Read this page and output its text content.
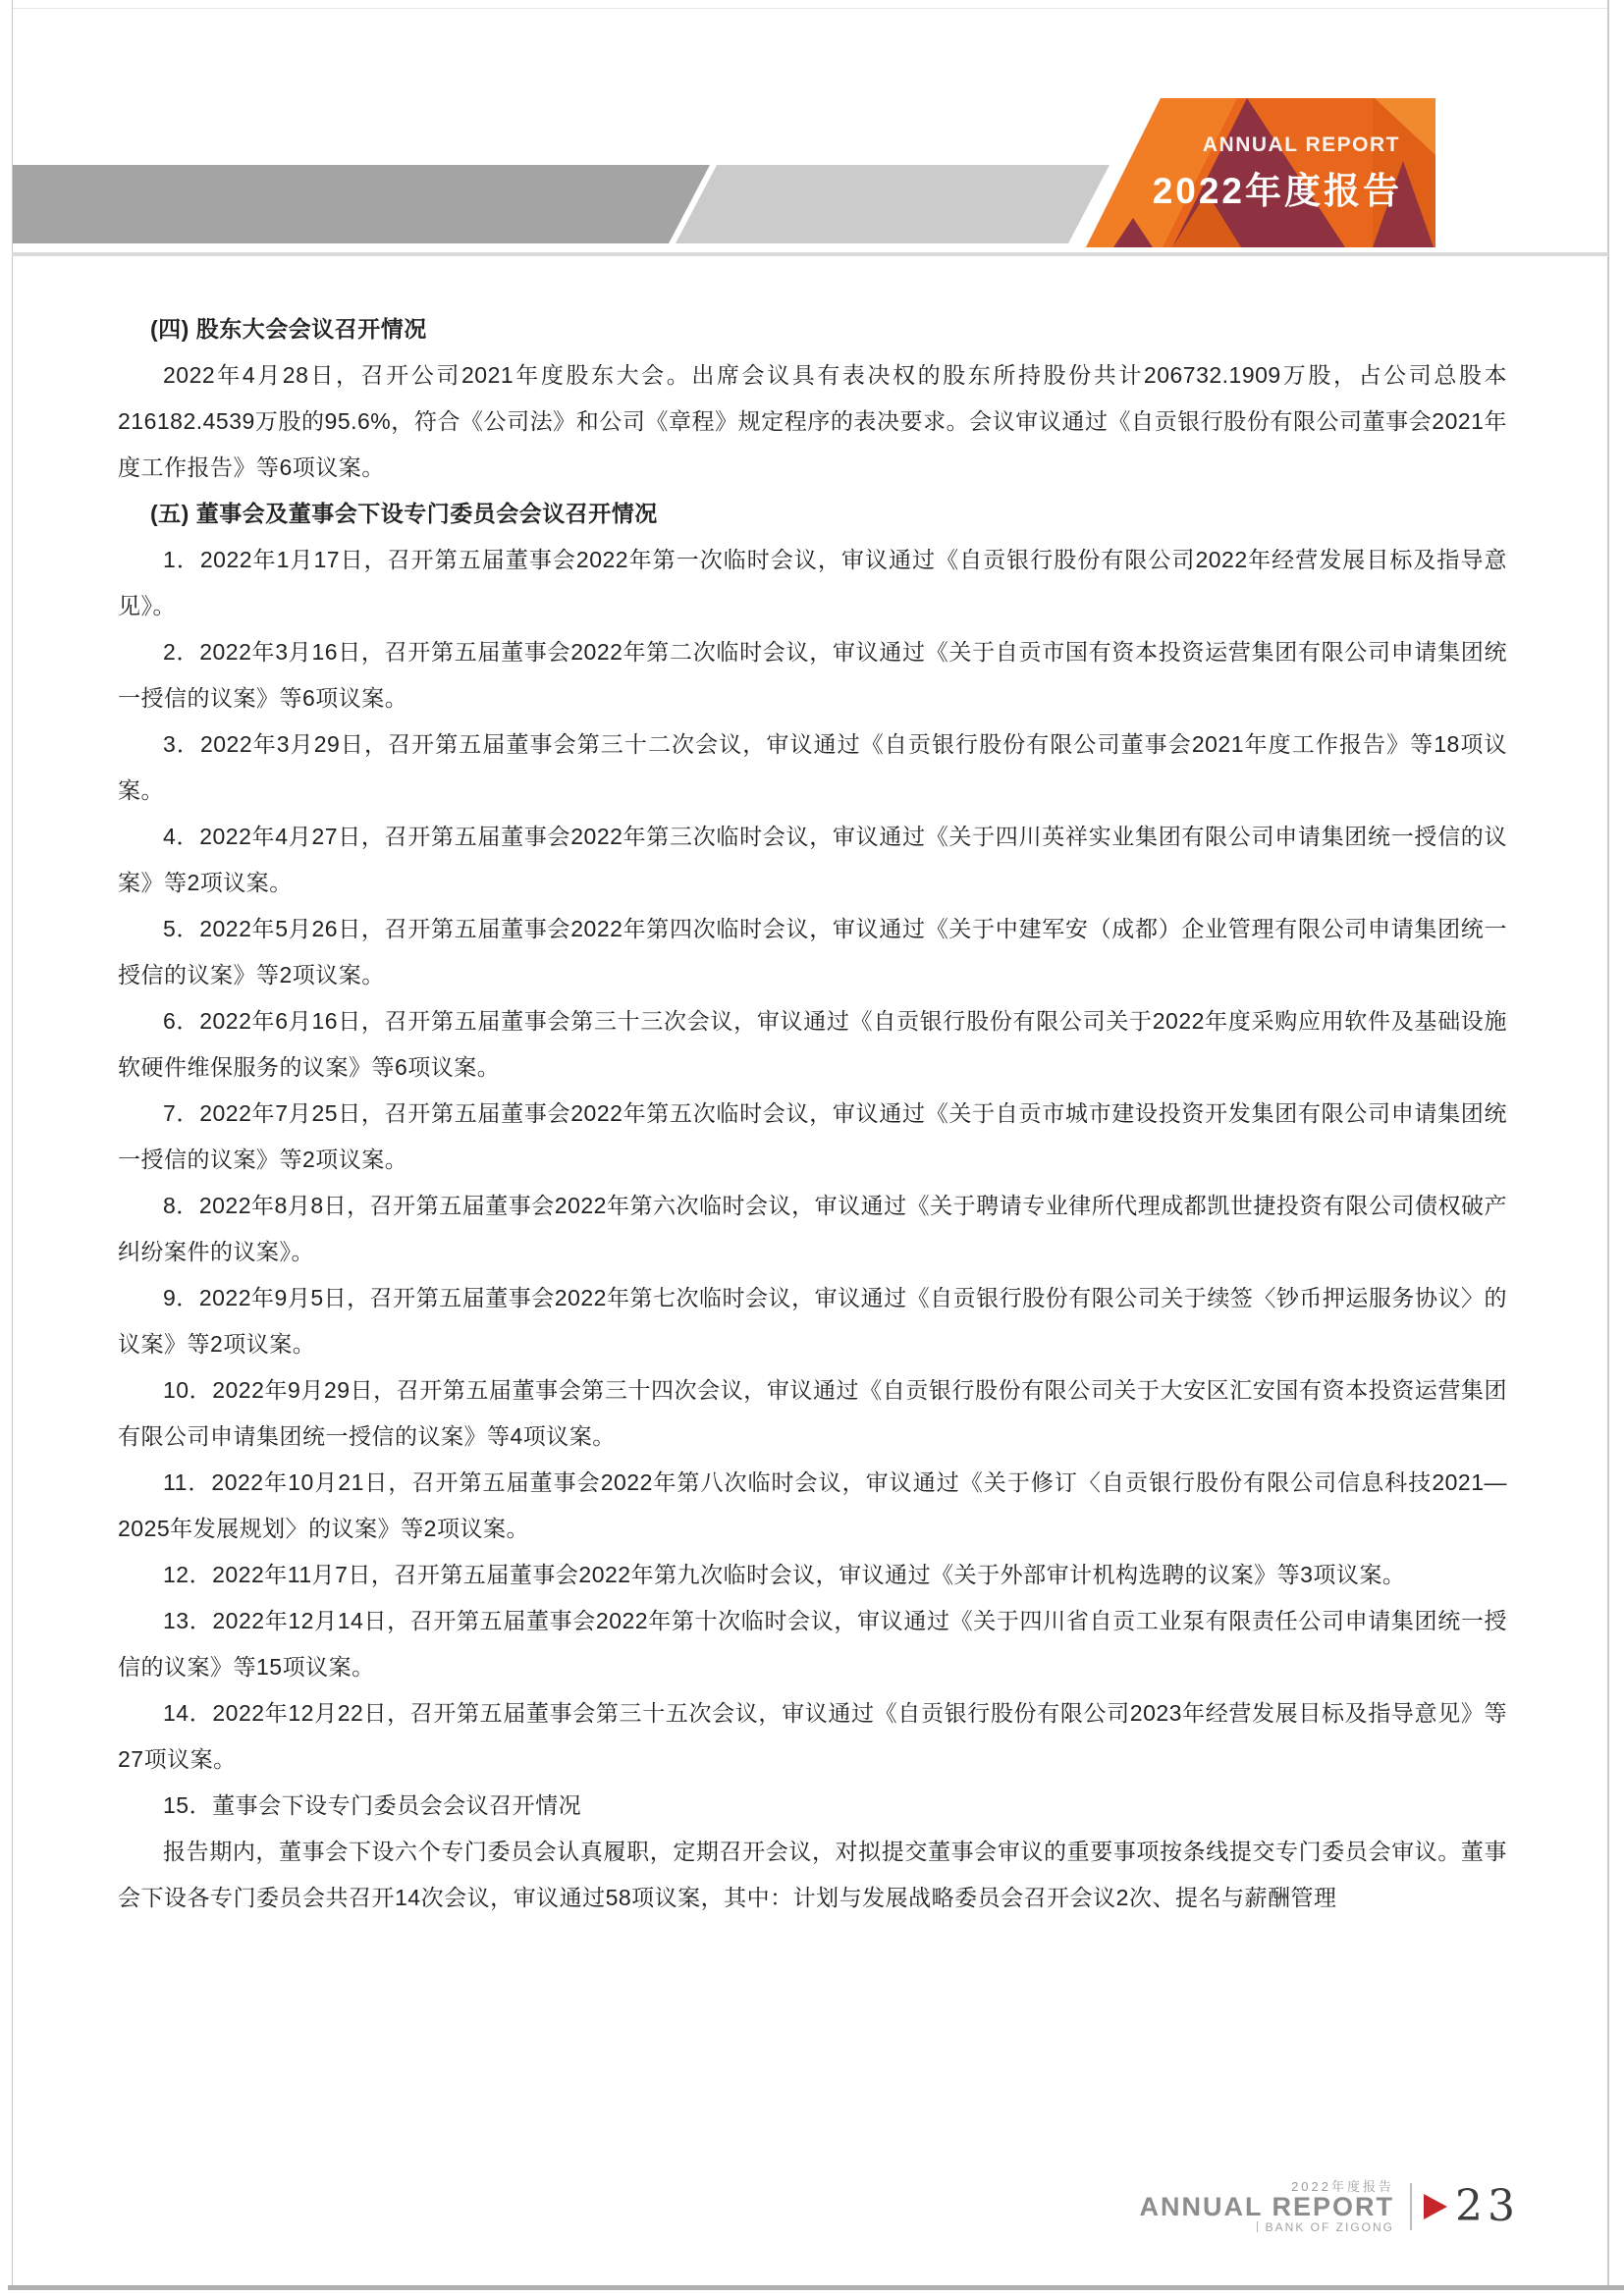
ANNUAL REPORT
2022年度报告

(四) 股东大会会议召开情况

2022年4月28日，召开公司2021年度股东大会。出席会议具有表决权的股东所持股份共计206732.1909万股，占公司总股本216182.4539万股的95.6%，符合《公司法》和公司《章程》规定程序的表决要求。会议审议通过《自贡银行股份有限公司董事会2021年度工作报告》等6项议案。

(五) 董事会及董事会下设专门委员会会议召开情况

1．2022年1月17日，召开第五届董事会2022年第一次临时会议，审议通过《自贡银行股份有限公司2022年经营发展目标及指导意见》。

2．2022年3月16日，召开第五届董事会2022年第二次临时会议，审议通过《关于自贡市国有资本投资运营集团有限公司申请集团统一授信的议案》等6项议案。

3．2022年3月29日，召开第五届董事会第三十二次会议，审议通过《自贡银行股份有限公司董事会2021年度工作报告》等18项议案。

4．2022年4月27日，召开第五届董事会2022年第三次临时会议，审议通过《关于四川英祥实业集团有限公司申请集团统一授信的议案》等2项议案。

5．2022年5月26日，召开第五届董事会2022年第四次临时会议，审议通过《关于中建军安（成都）企业管理有限公司申请集团统一授信的议案》等2项议案。

6．2022年6月16日，召开第五届董事会第三十三次会议，审议通过《自贡银行股份有限公司关于2022年度采购应用软件及基础设施软硬件维保服务的议案》等6项议案。

7．2022年7月25日，召开第五届董事会2022年第五次临时会议，审议通过《关于自贡市城市建设投资开发集团有限公司申请集团统一授信的议案》等2项议案。

8．2022年8月8日，召开第五届董事会2022年第六次临时会议，审议通过《关于聘请专业律所代理成都凯世捷投资有限公司债权破产纠纷案件的议案》。

9．2022年9月5日，召开第五届董事会2022年第七次临时会议，审议通过《自贡银行股份有限公司关于续签〈钞币押运服务协议〉的议案》等2项议案。

10．2022年9月29日，召开第五届董事会第三十四次会议，审议通过《自贡银行股份有限公司关于大安区汇安国有资本投资运营集团有限公司申请集团统一授信的议案》等4项议案。

11．2022年10月21日，召开第五届董事会2022年第八次临时会议，审议通过《关于修订〈自贡银行股份有限公司信息科技2021—2025年发展规划〉的议案》等2项议案。

12．2022年11月7日，召开第五届董事会2022年第九次临时会议，审议通过《关于外部审计机构选聘的议案》等3项议案。

13．2022年12月14日，召开第五届董事会2022年第十次临时会议，审议通过《关于四川省自贡工业泵有限责任公司申请集团统一授信的议案》等15项议案。

14．2022年12月22日，召开第五届董事会第三十五次会议，审议通过《自贡银行股份有限公司2023年经营发展目标及指导意见》等27项议案。

15．董事会下设专门委员会会议召开情况

报告期内，董事会下设六个专门委员会认真履职，定期召开会议，对拟提交董事会审议的重要事项按条线提交专门委员会审议。董事会下设各专门委员会共召开14次会议，审议通过58项议案，其中：计划与发展战略委员会召开会议2次、提名与薪酬管理

2022年度报告
ANNUAL REPORT
丨BANK OF ZIGONG 23
